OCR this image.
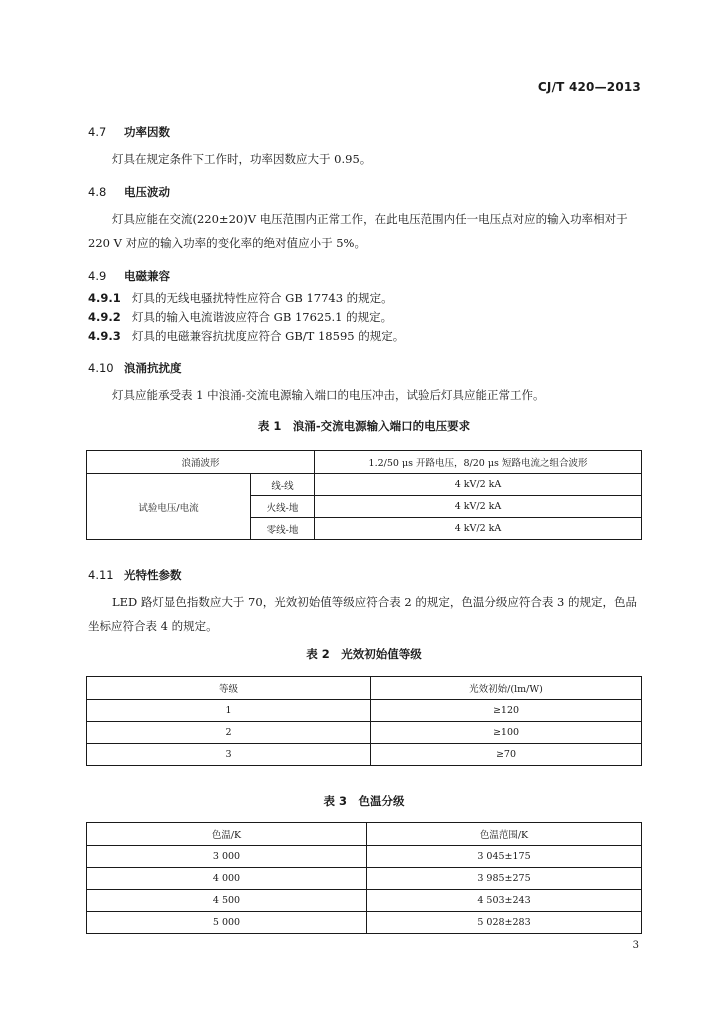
CJ/T 420—2013
4.7 功率因数
灯具在规定条件下工作时，功率因数应大于 0.95。
4.8 电压波动
灯具应能在交流(220±20)V 电压范围内正常工作，在此电压范围内任一电压点对应的输入功率相对于 220 V 对应的输入功率的变化率的绝对值应小于 5%。
4.9 电磁兼容
4.9.1 灯具的无线电骚扰特性应符合 GB 17743 的规定。
4.9.2 灯具的输入电流谐波应符合 GB 17625.1 的规定。
4.9.3 灯具的电磁兼容抗扰度应符合 GB/T 18595 的规定。
4.10 浪涌抗扰度
灯具应能承受表 1 中浪涌-交流电源输入端口的电压冲击，试验后灯具应能正常工作。
表 1　浪涌-交流电源输入端口的电压要求
浪涌波形		1.2/50 μs 开路电压，8/20 μs 短路电流之组合波形
试验电压/电流	线-线	4 kV/2 kA
	火线-地	4 kV/2 kA
	零线-地	4 kV/2 kA
4.11 光特性参数
LED 路灯显色指数应大于 70，光效初始值等级应符合表 2 的规定，色温分级应符合表 3 的规定，色品坐标应符合表 4 的规定。
表 2　光效初始值等级
等级	光效初始/(lm/W)
1	≥120
2	≥100
3	≥70
表 3　色温分级
色温/K	色温范围/K
3 000	3 045±175
4 000	3 985±275
4 500	4 503±243
5 000	5 028±283
3
